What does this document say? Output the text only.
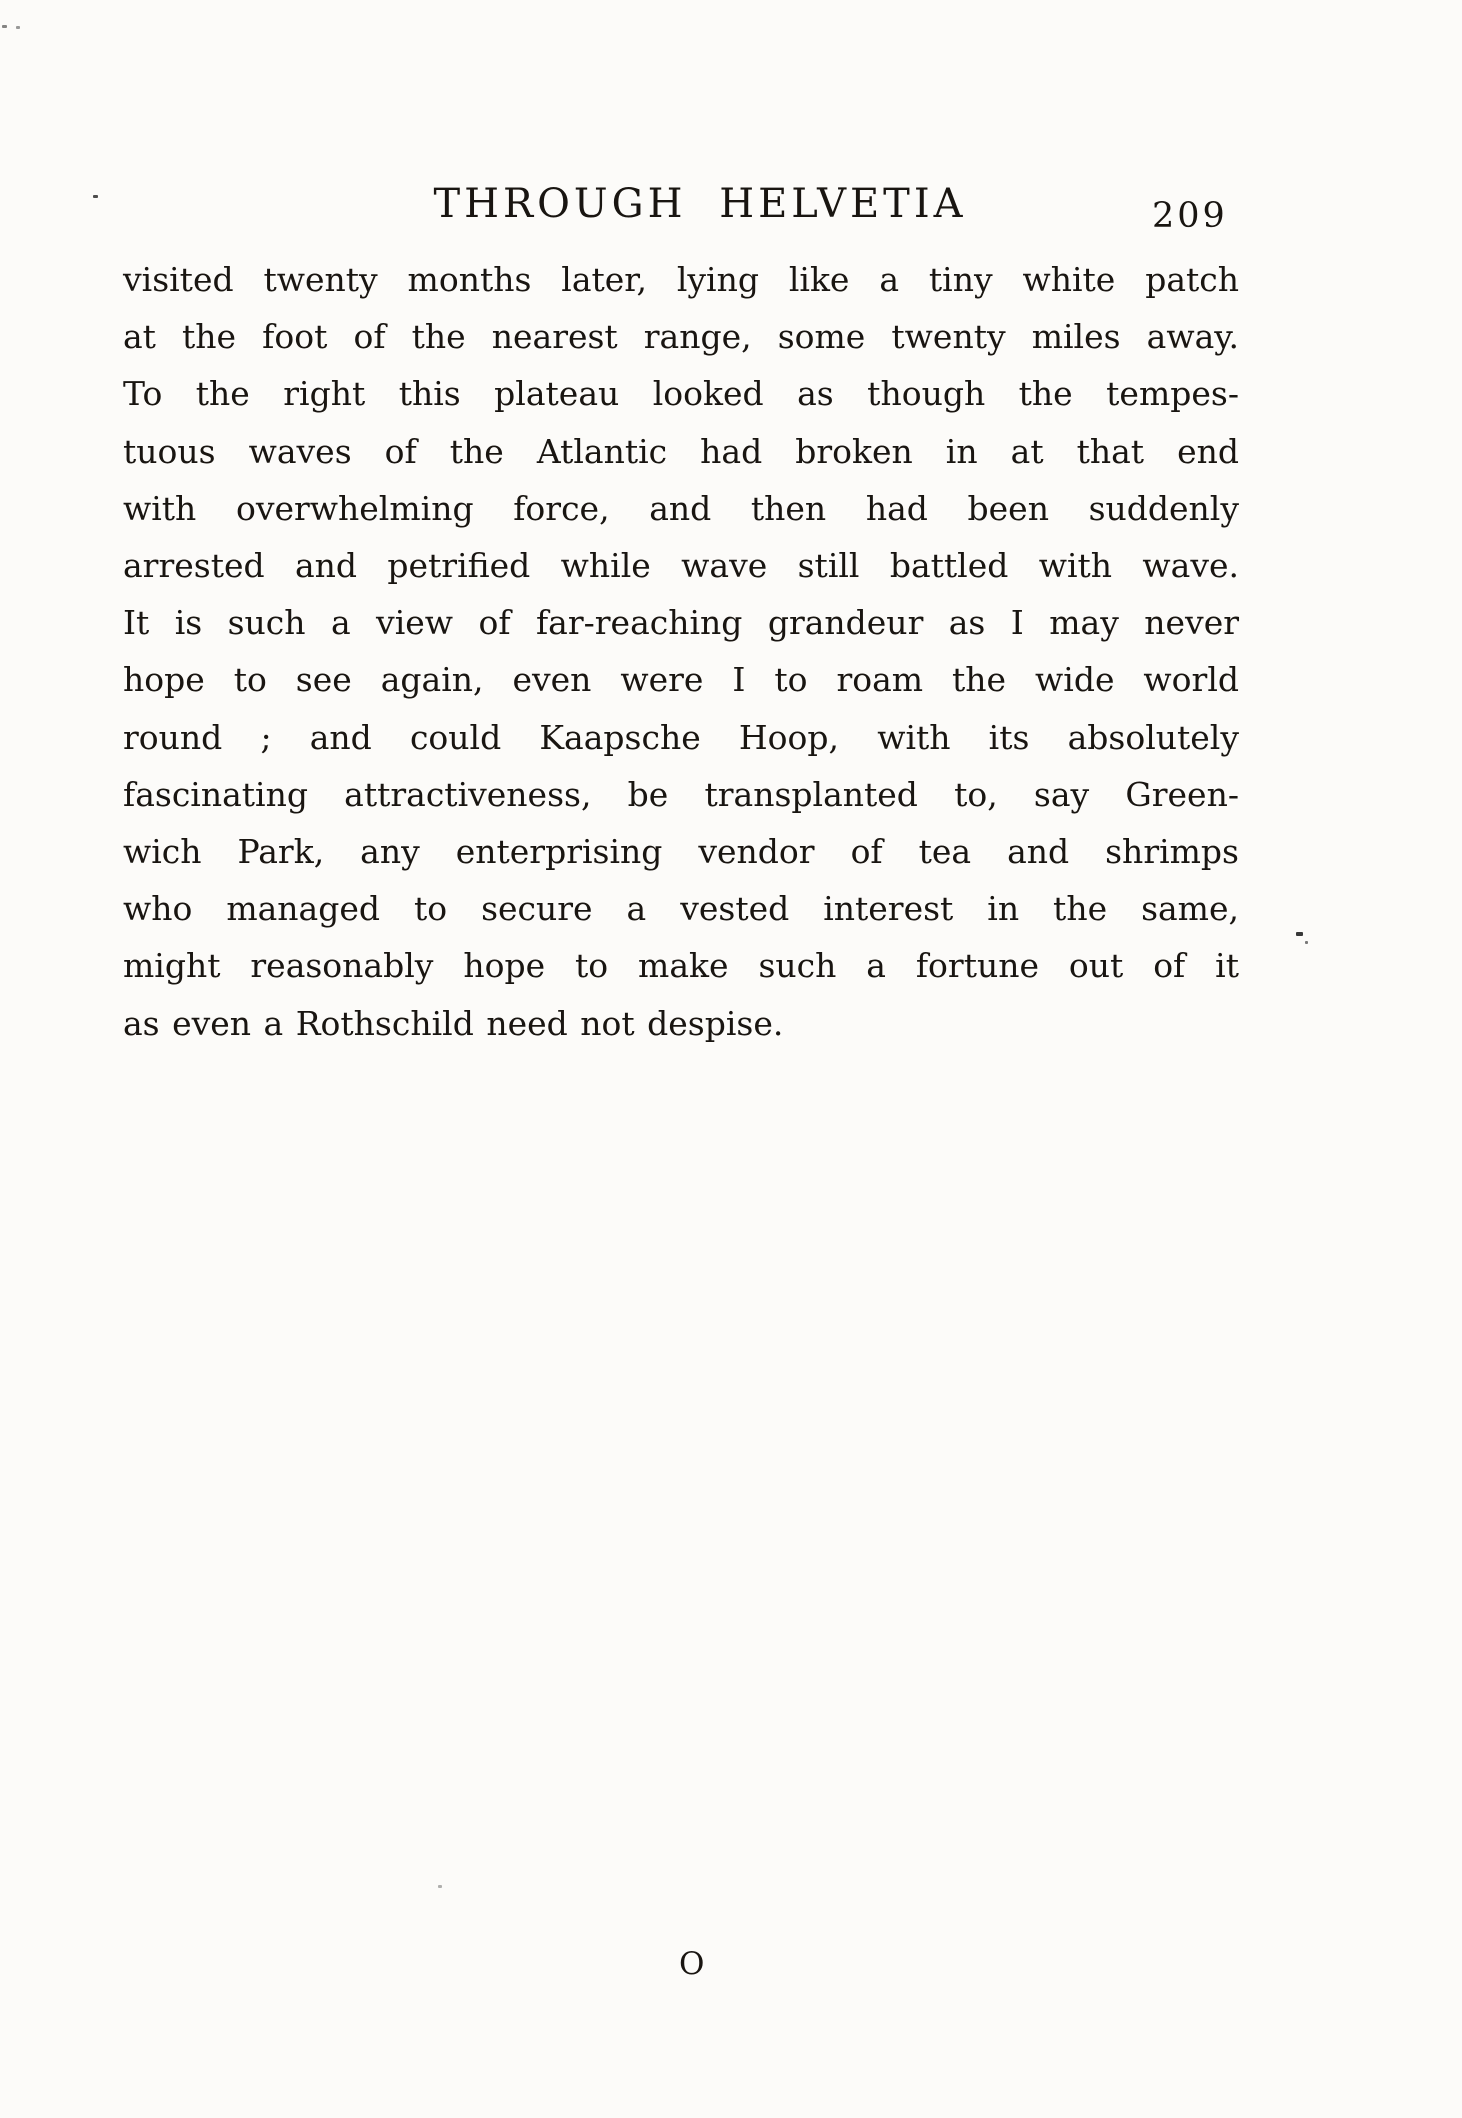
THROUGH HELVETIA	209
visited twenty months later, lying like a tiny white patch
at the foot of the nearest range, some twenty miles away.
To the right this plateau looked as though the tempes-
tuous waves of the Atlantic had broken in at that end
with overwhelming force, and then had been suddenly
arrested and petrified while wave still battled with wave.
It is such a view of far-reaching grandeur as I may never
hope to see again, even were I to roam the wide world
round ; and could Kaapsche Hoop, with its absolutely
fascinating attractiveness, be transplanted to, say Green-
wich Park, any enterprising vendor of tea and shrimps
who managed to secure a vested interest in the same,
might reasonably hope to make such a fortune out of it
as even a Rothschild need not despise.
O
